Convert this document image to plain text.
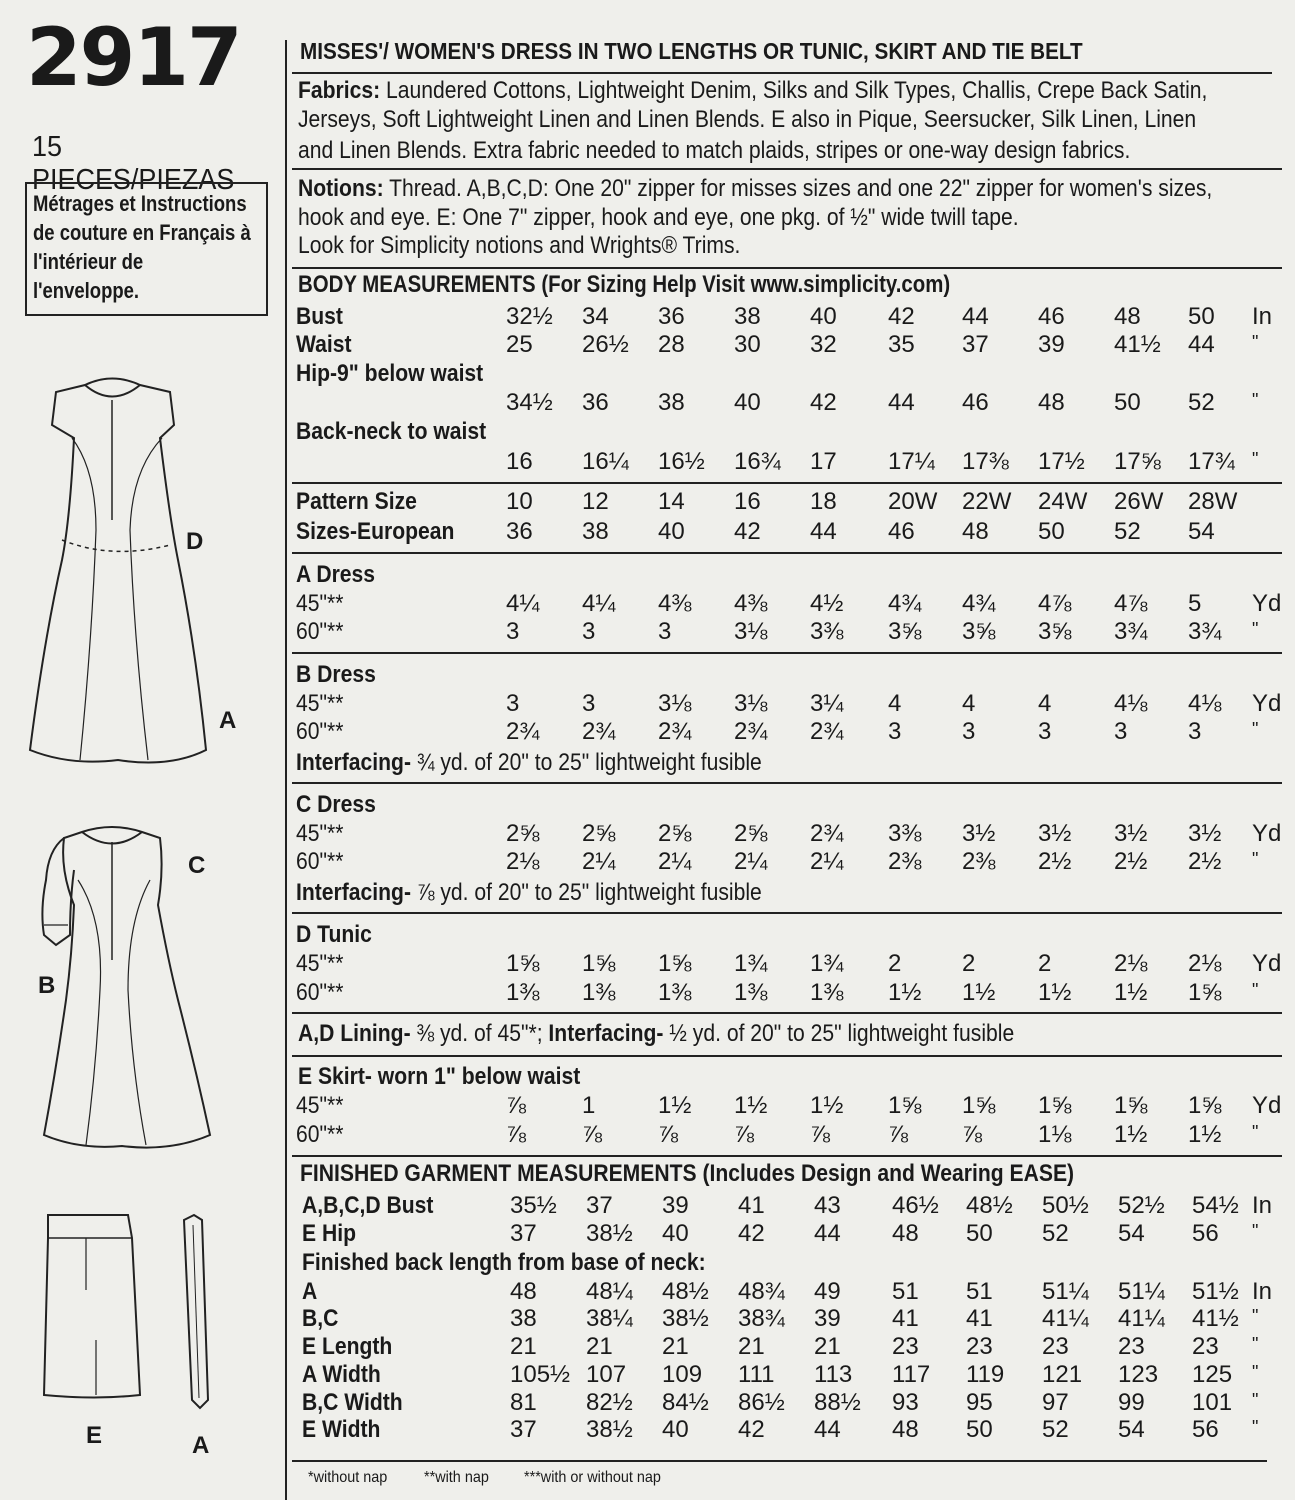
2917
15 PIECES/PIEZAS
Métrages et Instructions
de couture en Français à
l'intérieur de
l'enveloppe.
D
A
C
B
E	A
MISSES'/ WOMEN'S DRESS IN TWO LENGTHS OR TUNIC, SKIRT AND TIE BELT
Fabrics: Laundered Cottons, Lightweight Denim, Silks and Silk Types, Challis, Crepe Back Satin,
Jerseys, Soft Lightweight Linen and Linen Blends. E also in Pique, Seersucker, Silk Linen, Linen
and Linen Blends. Extra fabric needed to match plaids, stripes or one-way design fabrics.
Notions: Thread. A,B,C,D: One 20" zipper for misses sizes and one 22" zipper for women's sizes,
hook and eye. E: One 7" zipper, hook and eye, one pkg. of ½" wide twill tape.
Look for Simplicity notions and Wrights® Trims.
BODY MEASUREMENTS (For Sizing Help Visit www.simplicity.com)
Bust	32½ 34 36 38 40 42 44 46 48 50 In
Waist	25 26½ 28 30 32 35 37 39 41½ 44 "
Hip-9" below waist
34½ 36 38 40 42 44 46 48 50 52 "
Back-neck to waist
16 16¼ 16½ 16¾ 17 17¼ 17⅜ 17½ 17⅝ 17¾ "
Pattern Size	10 12 14 16 18 20W 22W 24W 26W 28W
Sizes-European 36 38 40 42 44 46 48 50 52 54
A Dress
45"**	4¼ 4¼ 4⅜ 4⅜ 4½ 4¾ 4¾ 4⅞ 4⅞ 5 Yd
60"**	3	3	3	3⅛ 3⅜ 3⅝ 3⅝ 3⅝ 3¾ 3¾ "
B Dress
45"**	3	3	3⅛ 3⅛ 3¼ 4	4	4	4⅛ 4⅛ Yd
60"**	2¾ 2¾ 2¾ 2¾ 2¾ 3	3	3	3	3	"
Interfacing- ¾ yd. of 20" to 25" lightweight fusible
C Dress
45"**	2⅝ 2⅝ 2⅝ 2⅝ 2¾ 3⅜ 3½ 3½ 3½ 3½ Yd
60"**	2⅛ 2¼ 2¼ 2¼ 2¼ 2⅜ 2⅜ 2½ 2½ 2½ "
Interfacing- ⅞ yd. of 20" to 25" lightweight fusible
D Tunic
45"**	1⅝ 1⅝ 1⅝ 1¾ 1¾ 2	2	2	2⅛ 2⅛ Yd
60"**	1⅜ 1⅜ 1⅜ 1⅜ 1⅜ 1½ 1½ 1½ 1½ 1⅝ "
A,D Lining- ⅜ yd. of 45"*; Interfacing- ½ yd. of 20" to 25" lightweight fusible
E Skirt- worn 1" below waist
45"**	⅞ 1	1½ 1½ 1½ 1⅝ 1⅝ 1⅝ 1⅝ 1⅝ Yd
60"**	⅞ ⅞ ⅞ ⅞ ⅞ ⅞ ⅞ 1⅛ 1½ 1½ "
FINISHED GARMENT MEASUREMENTS (Includes Design and Wearing EASE)
A,B,C,D Bust	35½ 37 39 41 43 46½ 48½ 50½ 52½ 54½ In
E Hip	37 38½ 40 42 44 48 50 52 54 56 "
Finished back length from base of neck:
A	48 48¼ 48½ 48¾ 49 51 51 51¼ 51¼ 51½ In
B,C	38 38¼ 38½ 38¾ 39 41 41 41¼ 41¼ 41½ "
E Length	21 21 21 21 21 23 23 23 23 23 "
A Width	105½ 107 109 111 113 117 119 121 123 125 "
B,C Width	81 82½ 84½ 86½ 88½ 93 95 97 99 101 "
E Width	37 38½ 40 42 44 48 50 52 54 56 "
*without nap **with nap ***with or without nap
